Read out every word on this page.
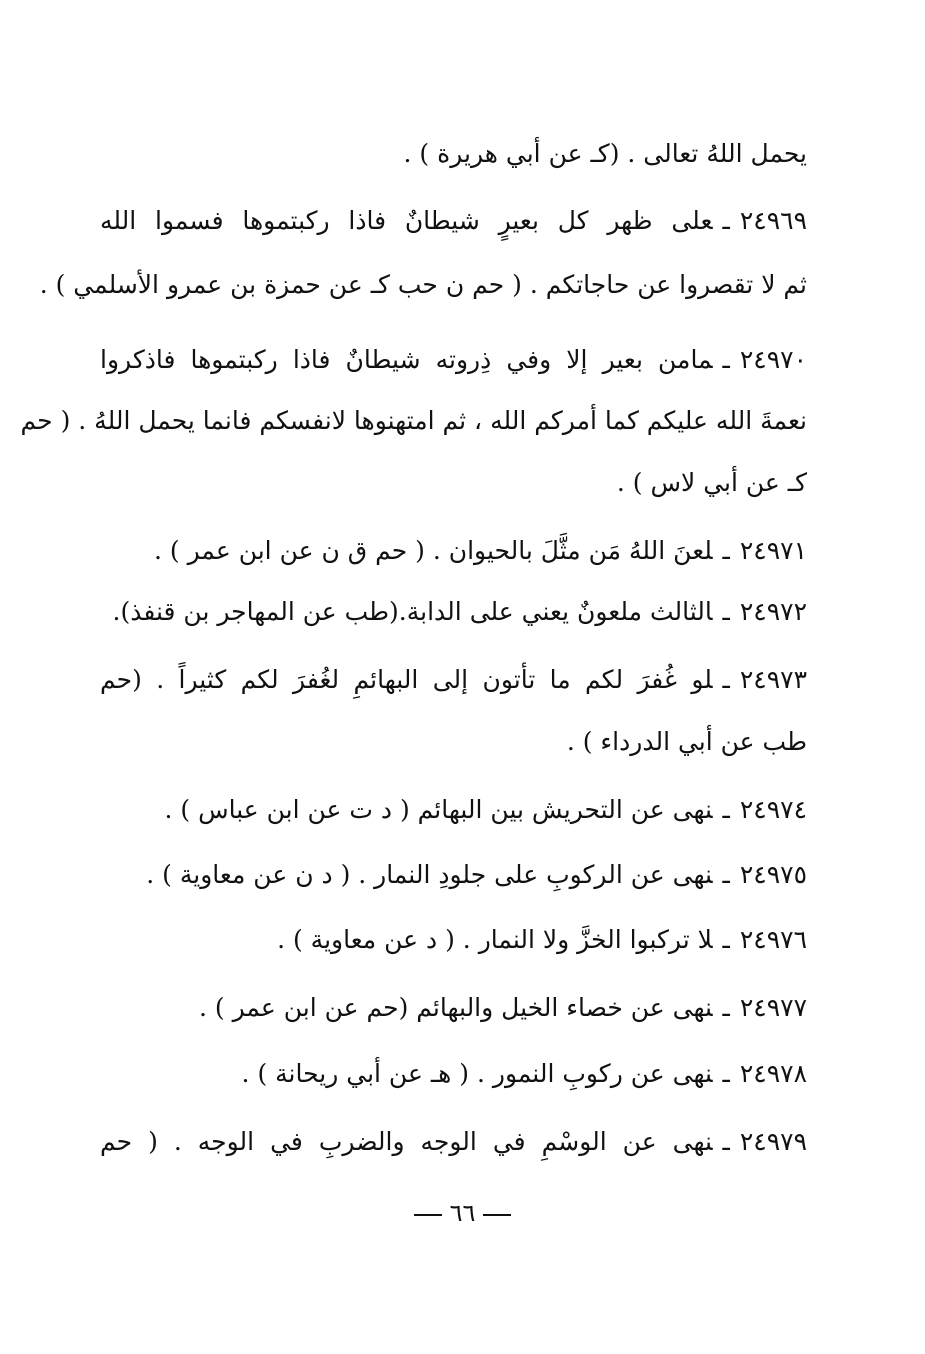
يحمل اللهُ تعالى . (كـ عن أبي هريرة ) .
٢٤٩٦٩ـعلى ظهر كل بعيرٍ شيطانٌ فاذا ركبتموها فسموا الله
ثم لا تقصروا عن حاجاتكم . ( حم ن حب كـ عن حمزة بن عمرو الأسلمي ) .
٢٤٩٧٠ـمامن بعير إلا وفي ذِروته شيطانٌ فاذا ركبتموها فاذكروا
نعمةَ الله عليكم كما أمركم الله ، ثم امتهنوها لانفسكم فانما يحمل اللهُ . ( حم
كـ عن أبي لاس ) .
٢٤٩٧١ـلعنَ اللهُ مَن مثَّلَ بالحيوان . ( حم ق ن عن ابن عمر ) .
٢٤٩٧٢ـالثالث ملعونٌ يعني على الدابة.(طب عن المهاجر بن قنفذ).
٢٤٩٧٣ـلو غُفرَ لكم ما تأتون إلى البهائمِ لغُفرَ لكم كثيراً . (حم
طب عن أبي الدرداء ) .
٢٤٩٧٤ـنهى عن التحريش بين البهائم ( د ت عن ابن عباس ) .
٢٤٩٧٥ـنهى عن الركوبِ على جلودِ النمار . ( د ن عن معاوية ) .
٢٤٩٧٦ـلا تركبوا الخزَّ ولا النمار . ( د عن معاوية ) .
٢٤٩٧٧ـنهى عن خصاء الخيل والبهائم (حم عن ابن عمر ) .
٢٤٩٧٨ـنهى عن ركوبِ النمور . ( هـ عن أبي ريحانة ) .
٢٤٩٧٩ـنهى عن الوسْمِ في الوجه والضربِ في الوجه . ( حم
٦٦
